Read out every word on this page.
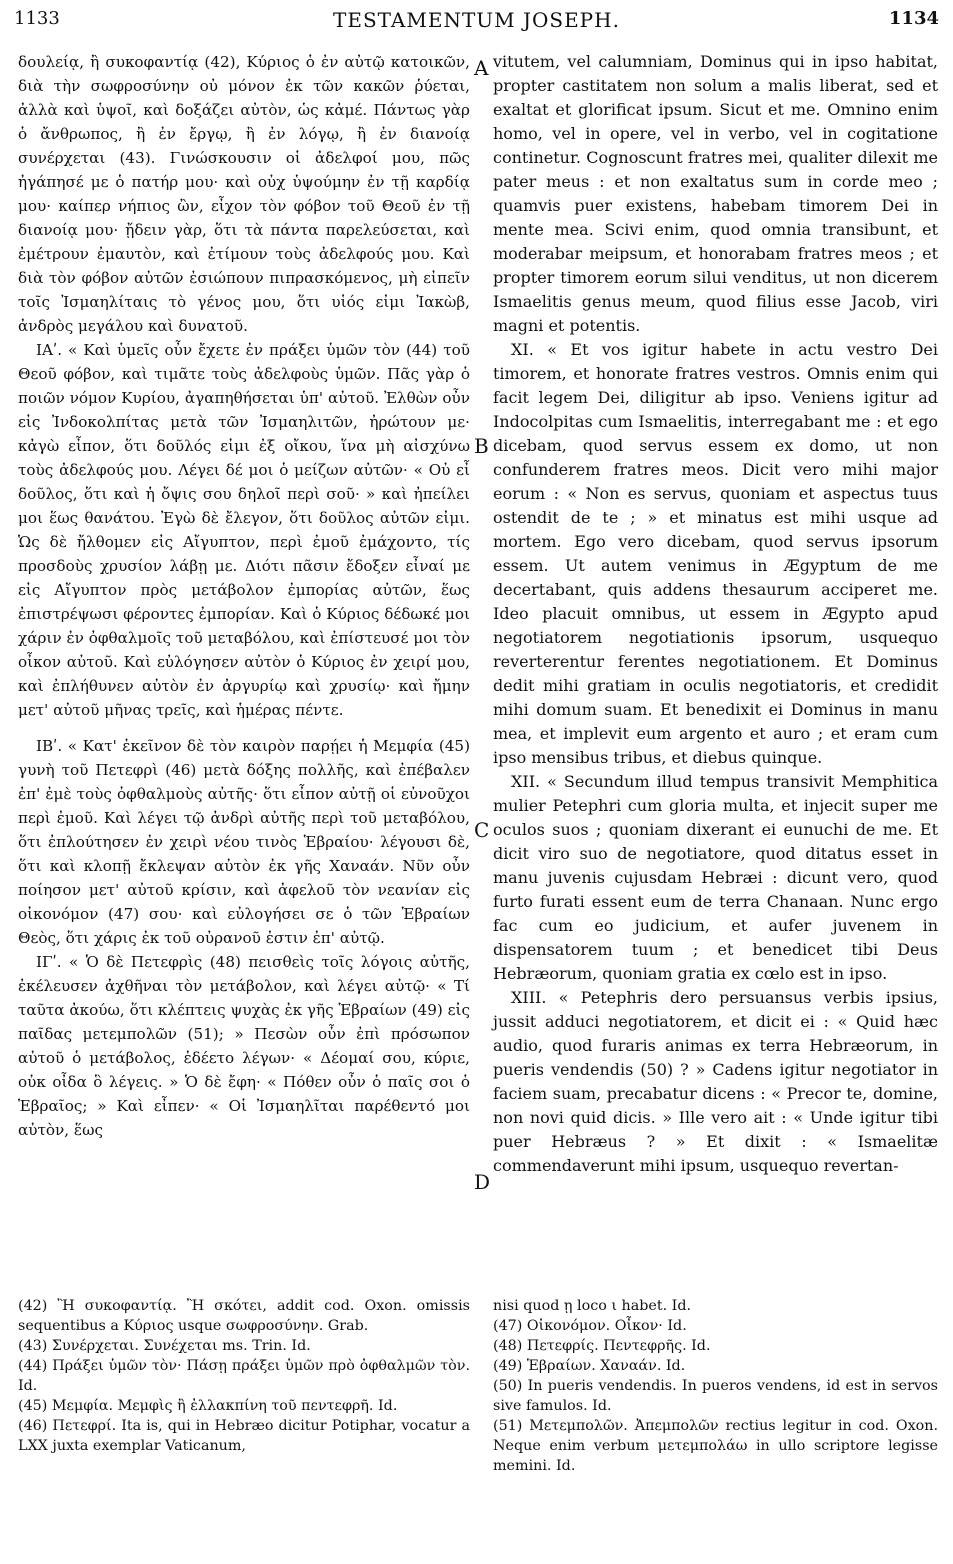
1133	TESTAMENTUM JOSEPH.	1134
A
B
C
D

δουλείᾳ, ἢ συκοφαντίᾳ (42), Κύριος ὁ ἐν αὐτῷ κατοικῶν, διὰ τὴν σωφροσύνην οὐ μόνον ἐκ τῶν κακῶν ῥύεται, ἀλλὰ καὶ ὑψοῖ, καὶ δοξάζει αὐτὸν, ὡς κἀμέ. Πάντως γὰρ ὁ ἄνθρωπος, ἢ ἐν ἔργῳ, ἢ ἐν λόγῳ, ἢ ἐν διανοίᾳ συνέρχεται (43). Γινώσκουσιν οἱ ἀδελφοί μου, πῶς ἠγάπησέ με ὁ πατήρ μου· καὶ οὐχ ὑψούμην ἐν τῇ καρδίᾳ μου· καίπερ νήπιος ὢν, εἶχον τὸν φόβον τοῦ Θεοῦ ἐν τῇ διανοίᾳ μου· ᾔδειν γὰρ, ὅτι τὰ πάντα παρελεύσεται, καὶ ἐμέτρουν ἐμαυτὸν, καὶ ἐτίμουν τοὺς ἀδελφούς μου. Καὶ διὰ τὸν φόβον αὐτῶν ἐσιώπουν πιπρασκόμενος, μὴ εἰπεῖν τοῖς Ἰσμαηλίταις τὸ γένος μου, ὅτι υἱός εἰμι Ἰακὼβ, ἀνδρὸς μεγάλου καὶ δυνατοῦ.

ΙΑʹ. « Καὶ ὑμεῖς οὖν ἔχετε ἐν πράξει ὑμῶν τὸν (44) τοῦ Θεοῦ φόβον, καὶ τιμᾶτε τοὺς ἀδελφοὺς ὑμῶν. Πᾶς γὰρ ὁ ποιῶν νόμον Κυρίου, ἀγαπηθήσεται ὑπ' αὐτοῦ. Ἐλθὼν οὖν εἰς Ἰνδοκολπίτας μετὰ τῶν Ἰσμαηλιτῶν, ἠρώτουν με· κἀγὼ εἶπον, ὅτι δοῦλός εἰμι ἐξ οἴκου, ἵνα μὴ αἰσχύνω τοὺς ἀδελφούς μου. Λέγει δέ μοι ὁ μείζων αὐτῶν· « Οὐ εἶ δοῦλος, ὅτι καὶ ἡ ὄψις σου δηλοῖ περὶ σοῦ· » καὶ ἠπείλει μοι ἕως θανάτου. Ἐγὼ δὲ ἔλεγον, ὅτι δοῦλος αὐτῶν εἰμι. Ὡς δὲ ἤλθομεν εἰς Αἴγυπτον, περὶ ἐμοῦ ἐμάχοντο, τίς προσδοὺς χρυσίον λάβῃ με. Διότι πᾶσιν ἔδοξεν εἶναί με εἰς Αἴγυπτον πρὸς μετάβολον ἐμπορίας αὐτῶν, ἕως ἐπιστρέψωσι φέροντες ἐμπορίαν. Καὶ ὁ Κύριος δέδωκέ μοι χάριν ἐν ὀφθαλμοῖς τοῦ μεταβόλου, καὶ ἐπίστευσέ μοι τὸν οἶκον αὐτοῦ. Καὶ εὐλόγησεν αὐτὸν ὁ Κύριος ἐν χειρί μου, καὶ ἐπλήθυνεν αὐτὸν ἐν ἀργυρίῳ καὶ χρυσίῳ· καὶ ἤμην μετ' αὐτοῦ μῆνας τρεῖς, καὶ ἡμέρας πέντε.

ΙΒʹ. « Κατ' ἐκεῖνον δὲ τὸν καιρὸν παρῄει ἡ Μεμφία (45) γυνὴ τοῦ Πετεφρὶ (46) μετὰ δόξης πολλῆς, καὶ ἐπέβαλεν ἐπ' ἐμὲ τοὺς ὀφθαλμοὺς αὐτῆς· ὅτι εἶπον αὐτῇ οἱ εὐνοῦχοι περὶ ἐμοῦ. Καὶ λέγει τῷ ἀνδρὶ αὐτῆς περὶ τοῦ μεταβόλου, ὅτι ἐπλούτησεν ἐν χειρὶ νέου τινὸς Ἑβραίου· λέγουσι δὲ, ὅτι καὶ κλοπῇ ἔκλεψαν αὐτὸν ἐκ γῆς Χαναάν. Νῦν οὖν ποίησον μετ' αὐτοῦ κρίσιν, καὶ ἀφελοῦ τὸν νεανίαν εἰς οἰκονόμον (47) σου· καὶ εὐλογήσει σε ὁ τῶν Ἑβραίων Θεὸς, ὅτι χάρις ἐκ τοῦ οὐρανοῦ ἐστιν ἐπ' αὐτῷ.

ΙΓʹ. « Ὁ δὲ Πετεφρὶς (48) πεισθεὶς τοῖς λόγοις αὐτῆς, ἐκέλευσεν ἀχθῆναι τὸν μετάβολον, καὶ λέγει αὐτῷ· « Τί ταῦτα ἀκούω, ὅτι κλέπτεις ψυχὰς ἐκ γῆς Ἑβραίων (49) εἰς παῖδας μετεμπολῶν (51); » Πεσὼν οὖν ἐπὶ πρόσωπον αὐτοῦ ὁ μετάβολος, ἐδέετο λέγων· « Δέομαί σου, κύριε, οὐκ οἶδα ὃ λέγεις. » Ὁ δὲ ἔφη· « Πόθεν οὖν ὁ παῖς σοι ὁ Ἑβραῖος; » Καὶ εἶπεν· « Οἱ Ἰσμαηλῖται παρέθεντό μοι αὐτὸν, ἕως

vitutem, vel calumniam, Dominus qui in ipso habitat, propter castitatem non solum a malis liberat, sed et exaltat et glorificat ipsum. Sicut et me. Omnino enim homo, vel in opere, vel in verbo, vel in cogitatione continetur. Cognoscunt fratres mei, qualiter dilexit me pater meus : et non exaltatus sum in corde meo ; quamvis puer existens, habebam timorem Dei in mente mea. Scivi enim, quod omnia transibunt, et moderabar meipsum, et honorabam fratres meos ; et propter timorem eorum silui venditus, ut non dicerem Ismaelitis genus meum, quod filius esse Jacob, viri magni et potentis.

XI. « Et vos igitur habete in actu vestro Dei timorem, et honorate fratres vestros. Omnis enim qui facit legem Dei, diligitur ab ipso. Veniens igitur ad Indocolpitas cum Ismaelitis, interregabant me : et ego dicebam, quod servus essem ex domo, ut non confunderem fratres meos. Dicit vero mihi major eorum : « Non es servus, quoniam et aspectus tuus ostendit de te ; » et minatus est mihi usque ad mortem. Ego vero dicebam, quod servus ipsorum essem. Ut autem venimus in Ægyptum de me decertabant, quis addens thesaurum acciperet me. Ideo placuit omnibus, ut essem in Ægypto apud negotiatorem negotiationis ipsorum, usquequo reverterentur ferentes negotiationem. Et Dominus dedit mihi gratiam in oculis negotiatoris, et credidit mihi domum suam. Et benedixit ei Dominus in manu mea, et implevit eum argento et auro ; et eram cum ipso mensibus tribus, et diebus quinque.

XII. « Secundum illud tempus transivit Memphitica mulier Petephri cum gloria multa, et injecit super me oculos suos ; quoniam dixerant ei eunuchi de me. Et dicit viro suo de negotiatore, quod ditatus esset in manu juvenis cujusdam Hebræi : dicunt vero, quod furto furati essent eum de terra Chanaan. Nunc ergo fac cum eo judicium, et aufer juvenem in dispensatorem tuum ; et benedicet tibi Deus Hebræorum, quoniam gratia ex cœlo est in ipso.

XIII. « Petephris dero persuansus verbis ipsius, jussit adduci negotiatorem, et dicit ei : « Quid hæc audio, quod furaris animas ex terra Hebræorum, in pueris vendendis (50) ? » Cadens igitur negotiator in faciem suam, precabatur dicens : « Precor te, domine, non novi quid dicis. » Ille vero ait : « Unde igitur tibi puer Hebræus ? » Et dixit : « Ismaelitæ commendaverunt mihi ipsum, usquequo revertan-

(42) Ἢ συκοφαντίᾳ. Ἢ σκότει, addit cod. Oxon. omissis sequentibus a Κύριος usque σωφροσύνην. Grab.

(43) Συνέρχεται. Συνέχεται ms. Trin. Id.

(44) Πράξει ὑμῶν τὸν· Πάσῃ πράξει ὑμῶν πρὸ ὀφθαλμῶν τὸν. Id.

(45) Μεμφία. Μεμφὶς ἢ ἐλλακπίνη τοῦ πεντεφρῆ. Id.

(46) Πετεφρί. Ita is, qui in Hebræo dicitur Potiphar, vocatur a LXX juxta exemplar Vaticanum,

nisi quod ῃ loco ι habet. Id.

(47) Οἰκονόμον. Οἶκον· Id.

(48) Πετεφρίς. Πεντεφρῆς. Id.

(49) Ἑβραίων. Χαναάν. Id.

(50) In pueris vendendis. In pueros vendens, id est in servos sive famulos. Id.

(51) Μετεμπολῶν. Ἀπεμπολῶν rectius legitur in cod. Oxon. Neque enim verbum μετεμπολάω in ullo scriptore legisse memini. Id.
